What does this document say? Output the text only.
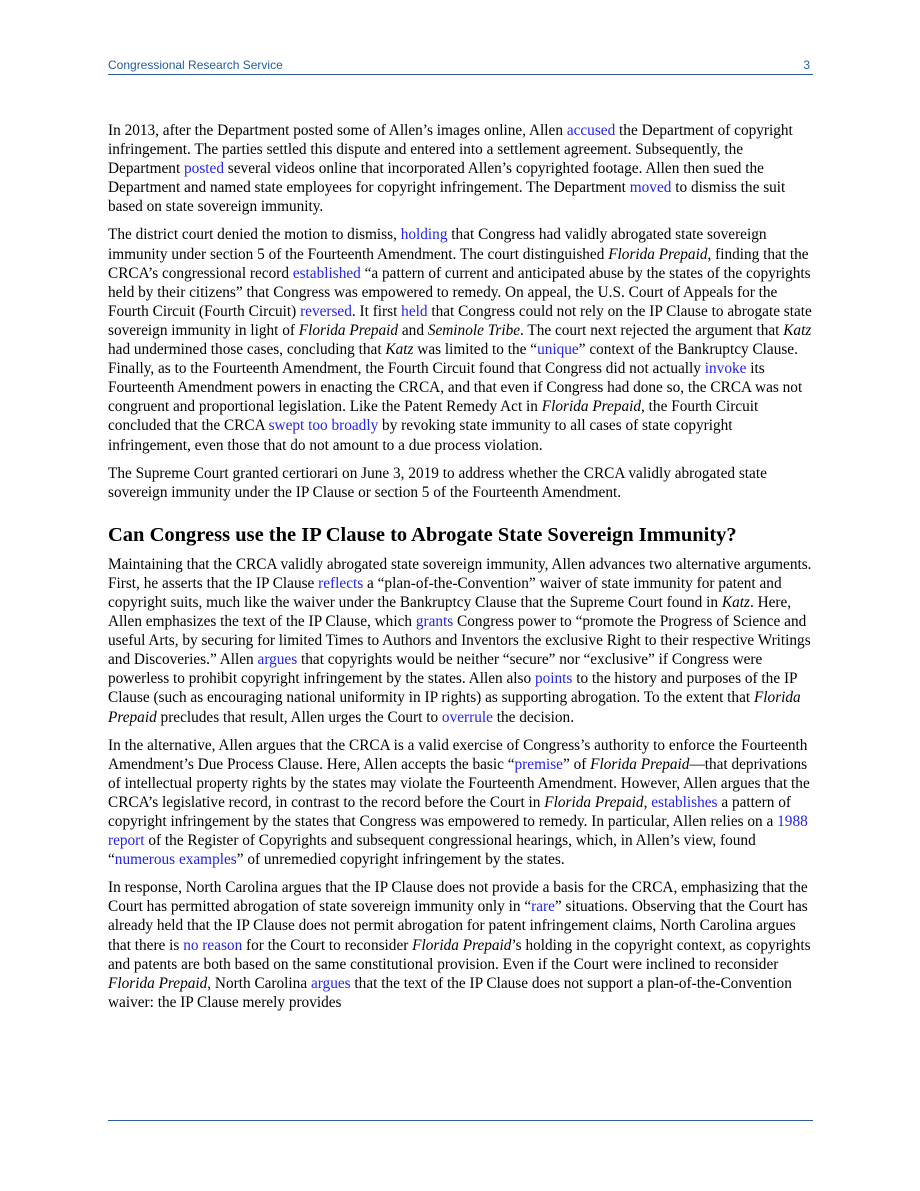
Congressional Research Service	3

In 2013, after the Department posted some of Allen’s images online, Allen accused the Department of copyright infringement. The parties settled this dispute and entered into a settlement agreement. Subsequently, the Department posted several videos online that incorporated Allen’s copyrighted footage. Allen then sued the Department and named state employees for copyright infringement. The Department moved to dismiss the suit based on state sovereign immunity.

The district court denied the motion to dismiss, holding that Congress had validly abrogated state sovereign immunity under section 5 of the Fourteenth Amendment. The court distinguished Florida Prepaid, finding that the CRCA’s congressional record established “a pattern of current and anticipated abuse by the states of the copyrights held by their citizens” that Congress was empowered to remedy. On appeal, the U.S. Court of Appeals for the Fourth Circuit (Fourth Circuit) reversed. It first held that Congress could not rely on the IP Clause to abrogate state sovereign immunity in light of Florida Prepaid and Seminole Tribe. The court next rejected the argument that Katz had undermined those cases, concluding that Katz was limited to the “unique” context of the Bankruptcy Clause. Finally, as to the Fourteenth Amendment, the Fourth Circuit found that Congress did not actually invoke its Fourteenth Amendment powers in enacting the CRCA, and that even if Congress had done so, the CRCA was not congruent and proportional legislation. Like the Patent Remedy Act in Florida Prepaid, the Fourth Circuit concluded that the CRCA swept too broadly by revoking state immunity to all cases of state copyright infringement, even those that do not amount to a due process violation.

The Supreme Court granted certiorari on June 3, 2019 to address whether the CRCA validly abrogated state sovereign immunity under the IP Clause or section 5 of the Fourteenth Amendment.

Can Congress use the IP Clause to Abrogate State Sovereign Immunity?

Maintaining that the CRCA validly abrogated state sovereign immunity, Allen advances two alternative arguments. First, he asserts that the IP Clause reflects a “plan-of-the-Convention” waiver of state immunity for patent and copyright suits, much like the waiver under the Bankruptcy Clause that the Supreme Court found in Katz. Here, Allen emphasizes the text of the IP Clause, which grants Congress power to “promote the Progress of Science and useful Arts, by securing for limited Times to Authors and Inventors the exclusive Right to their respective Writings and Discoveries.” Allen argues that copyrights would be neither “secure” nor “exclusive” if Congress were powerless to prohibit copyright infringement by the states. Allen also points to the history and purposes of the IP Clause (such as encouraging national uniformity in IP rights) as supporting abrogation. To the extent that Florida Prepaid precludes that result, Allen urges the Court to overrule the decision.

In the alternative, Allen argues that the CRCA is a valid exercise of Congress’s authority to enforce the Fourteenth Amendment’s Due Process Clause. Here, Allen accepts the basic “premise” of Florida Prepaid—that deprivations of intellectual property rights by the states may violate the Fourteenth Amendment. However, Allen argues that the CRCA’s legislative record, in contrast to the record before the Court in Florida Prepaid, establishes a pattern of copyright infringement by the states that Congress was empowered to remedy. In particular, Allen relies on a 1988 report of the Register of Copyrights and subsequent congressional hearings, which, in Allen’s view, found “numerous examples” of unremedied copyright infringement by the states.

In response, North Carolina argues that the IP Clause does not provide a basis for the CRCA, emphasizing that the Court has permitted abrogation of state sovereign immunity only in “rare” situations. Observing that the Court has already held that the IP Clause does not permit abrogation for patent infringement claims, North Carolina argues that there is no reason for the Court to reconsider Florida Prepaid’s holding in the copyright context, as copyrights and patents are both based on the same constitutional provision. Even if the Court were inclined to reconsider Florida Prepaid, North Carolina argues that the text of the IP Clause does not support a plan-of-the-Convention waiver: the IP Clause merely provides
